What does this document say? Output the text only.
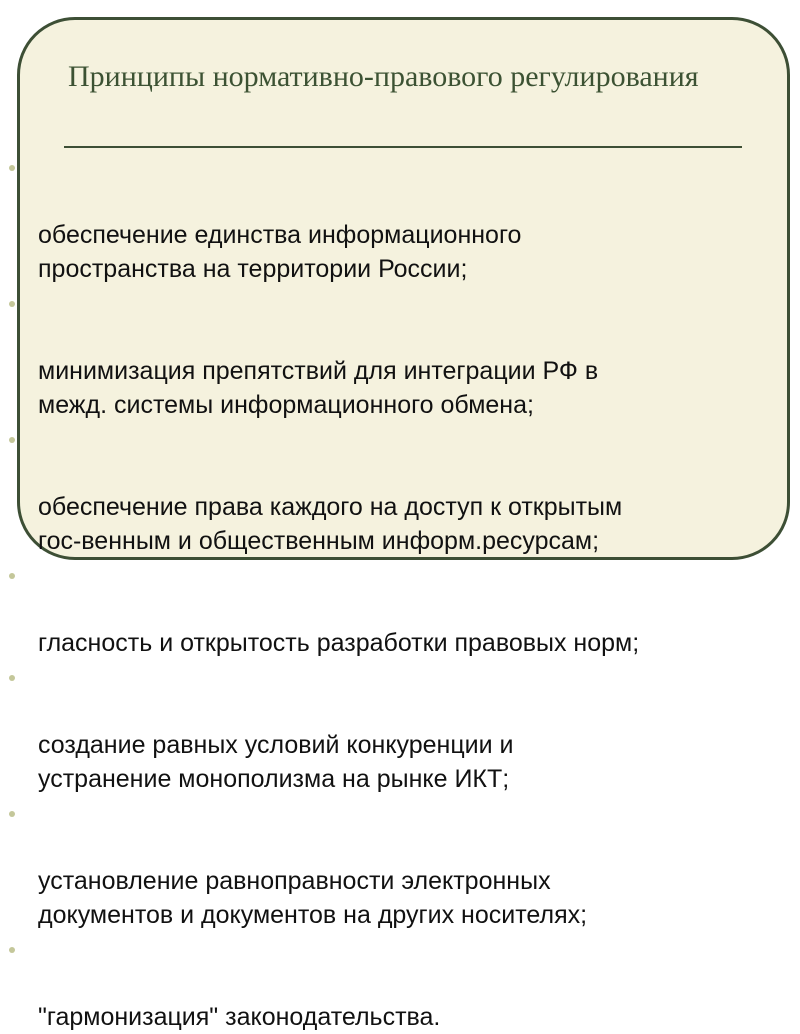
Принципы нормативно-правового регулирования

обеспечение единства информационного
пространства на территории России;

минимизация препятствий для интеграции РФ в
межд. системы информационного обмена;

обеспечение права каждого на доступ к открытым
гос-венным и общественным информ.ресурсам;

гласность и открытость разработки правовых норм;

создание равных условий конкуренции и
устранение монополизма на рынке ИКТ;

установление равноправности электронных
документов и документов на других носителях;

"гармонизация" законодательства.
